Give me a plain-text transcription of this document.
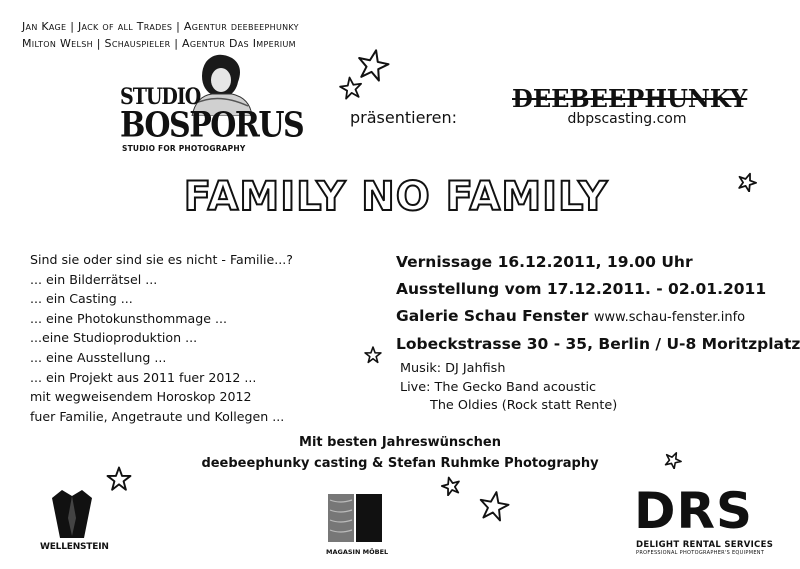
Jan Kage | Jack of all Trades | Agentur deebeephunky
Milton Welsh | Schauspieler | Agentur Das Imperium
STUDIO
BOSPORUS
STUDIO FOR PHOTOGRAPHY
präsentieren:
DEEBEEPHUNKY
dbpscasting.com
FAMILY NO FAMILY
Sind sie oder sind sie es nicht - Familie...?
... ein Bilderrätsel ...
... ein Casting ...
... eine Photokunsthommage ...
...eine Studioproduktion ...
... eine Ausstellung ...
... ein Projekt aus 2011 fuer 2012 ...
mit wegweisendem Horoskop 2012
fuer Familie, Angetraute und Kollegen ...
Vernissage 16.12.2011, 19.00 Uhr
Ausstellung vom 17.12.2011. - 02.01.2011
Galerie Schau Fenster www.schau-fenster.info
Lobeckstrasse 30 - 35, Berlin / U-8 Moritzplatz
Musik: DJ Jahfish
Live: The Gecko Band acoustic
The Oldies (Rock statt Rente)
Mit besten Jahreswünschen
deebeephunky casting & Stefan Ruhmke Photography
WELLENSTEIN	MAGASIN MÖBEL
DRS
DELIGHT RENTAL SERVICES
PROFESSIONAL PHOTOGRAPHER'S EQUIPMENT
